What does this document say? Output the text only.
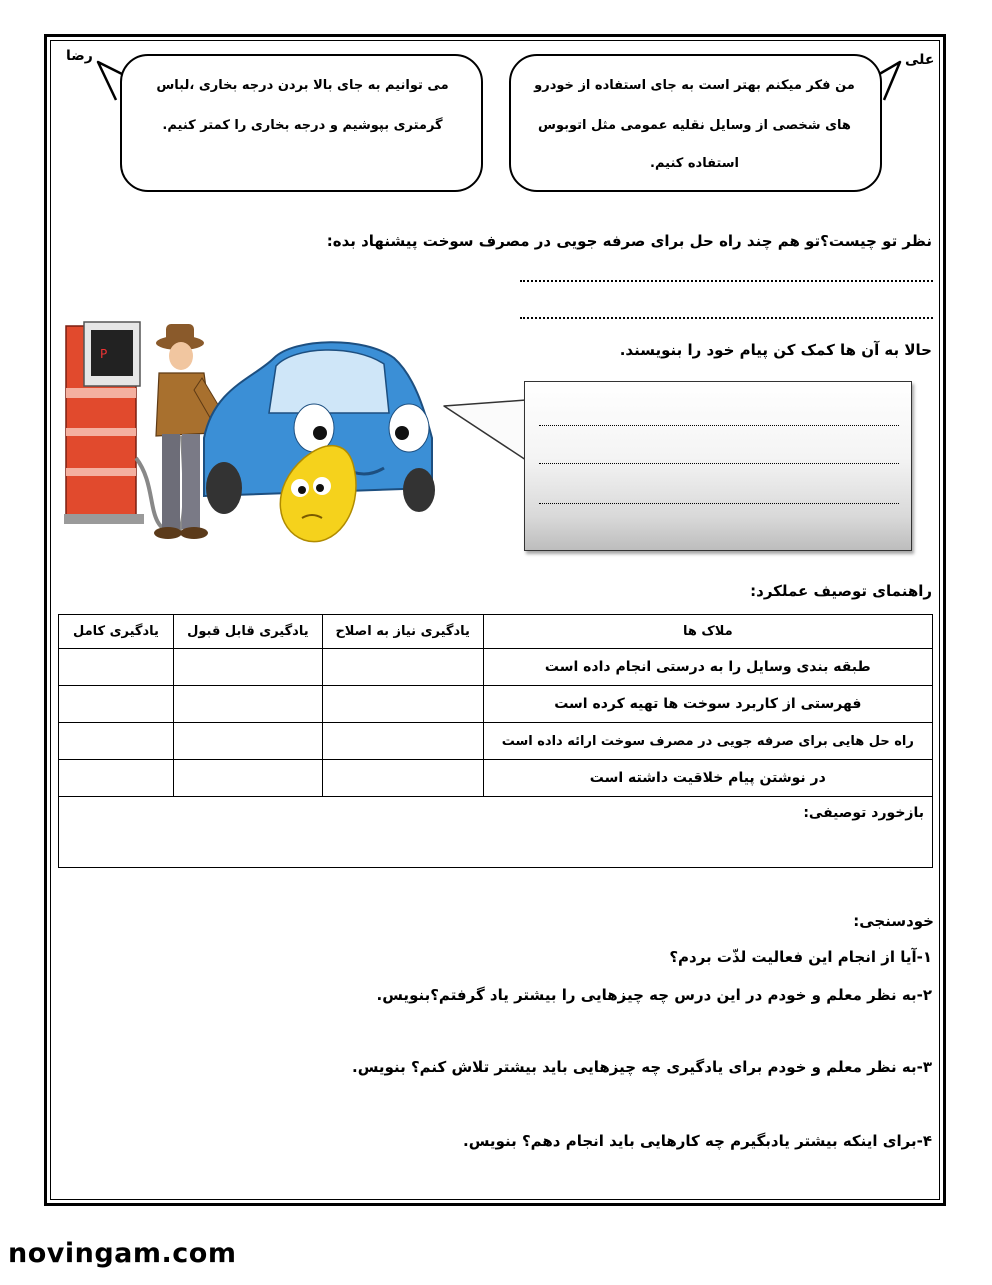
رضا	علی
می توانیم به جای بالا بردن درجه بخاری ،لباس
گرمتری بپوشیم و درجه بخاری را کمتر کنیم.
من فکر میکنم بهتر است به جای استفاده از خودرو
های شخصی از وسایل نقلیه عمومی مثل اتوبوس
استفاده کنیم.
نظر تو چیست؟تو هم چند راه حل برای صرفه جویی در مصرف سوخت پیشنهاد بده:
حالا به آن ها کمک کن پیام خود را بنویسند.
P
راهنمای توصیف عملکرد:
ملاک ها	یادگیری نیاز به اصلاح	یادگیری قابل قبول	یادگیری کامل
طبقه بندی وسایل را به درستی انجام داده است			
فهرستی از کاربرد سوخت ها تهیه کرده است			
راه حل هایی برای صرفه جویی در مصرف سوخت ارائه داده است			
در نوشتن پیام خلاقیت داشته است			
بازخورد توصیفی:
خودسنجی:
۱-آیا از انجام این فعالیت لذّت بردم؟
۲-به نظر معلم و خودم در این درس چه چیزهایی را بیشتر یاد گرفتم؟بنویس.
۳-به نظر معلم و خودم برای یادگیری چه چیزهایی باید بیشتر تلاش کنم؟ بنویس.
۴-برای اینکه بیشتر یادبگیرم چه کارهایی باید انجام دهم؟ بنویس.
novingam.com
